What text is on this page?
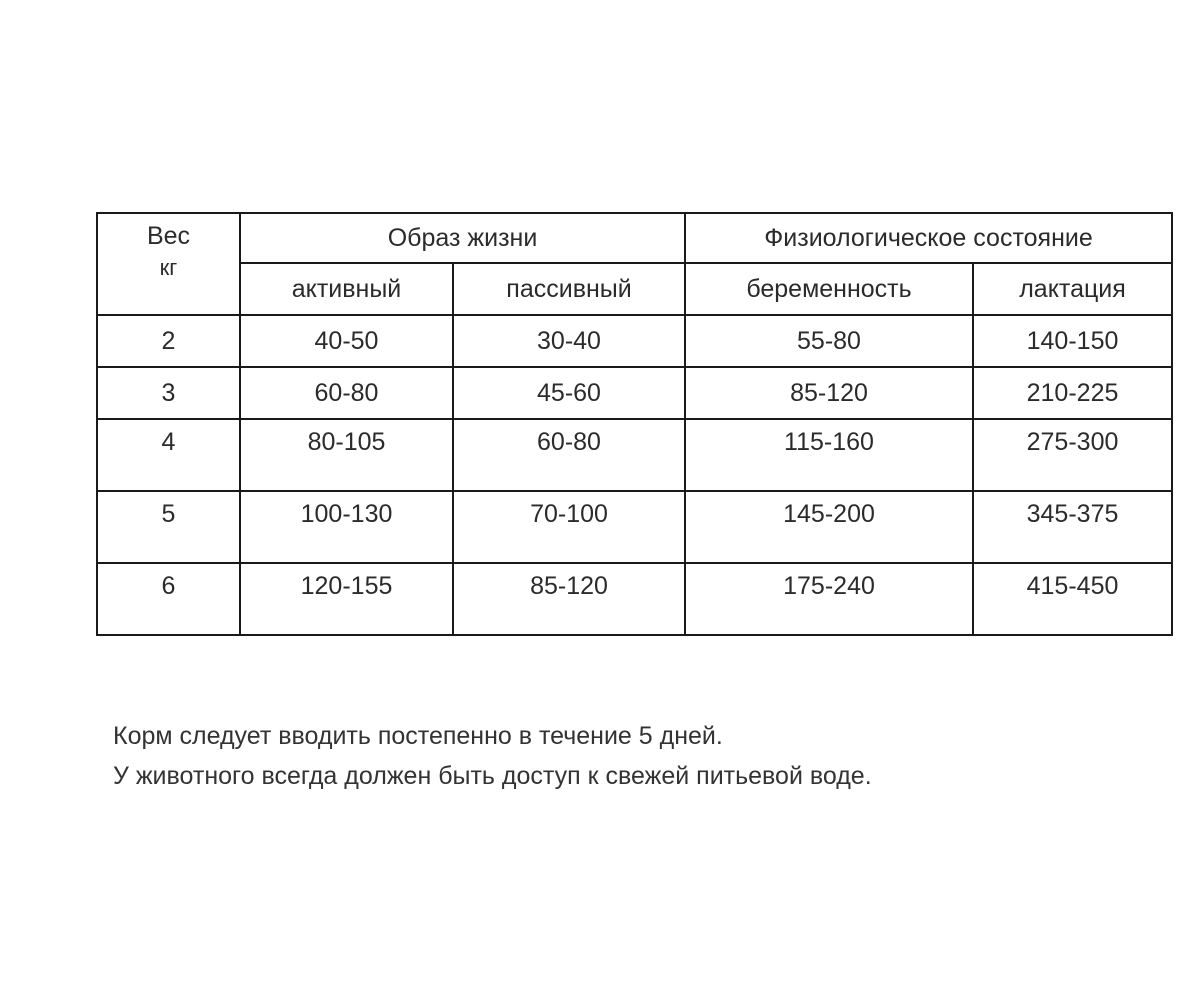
Вес
кг	Образ жизни		Физиологическое состояние	
	активный	пассивный	беременность	лактация
2	40-50	30-40	55-80	140-150
3	60-80	45-60	85-120	210-225
4	80-105	60-80	115-160	275-300
5	100-130	70-100	145-200	345-375
6	120-155	85-120	175-240	415-450

Корм следует вводить постепенно в течение 5 дней.

У животного всегда должен быть доступ к свежей питьевой воде.
